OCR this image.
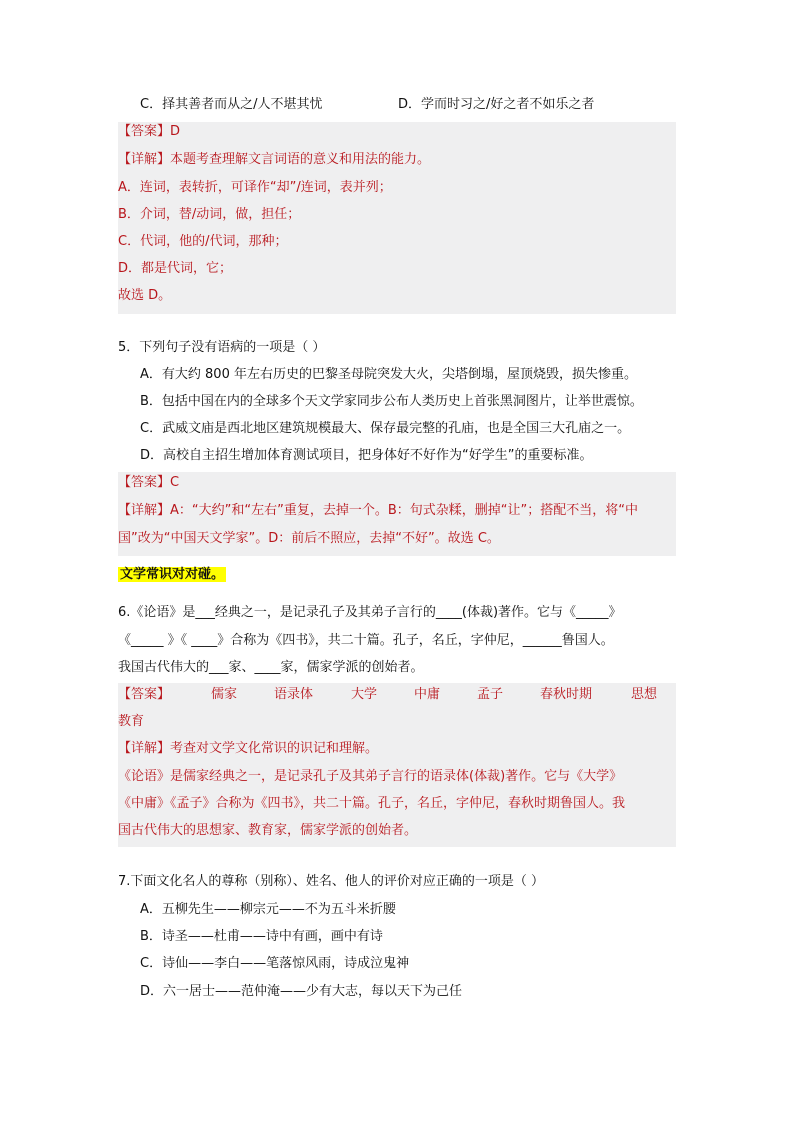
C．择其善者而从之/人不堪其忧	D．学而时习之/好之者不如乐之者
【答案】D
【详解】本题考查理解文言词语的意义和用法的能力。
A．连词，表转折，可译作“却”/连词，表并列；
B．介词，替/动词，做，担任；
C．代词，他的/代词，那种；
D．都是代词，它；
故选 D。
5．下列句子没有语病的一项是（ ）
A．有大约 800 年左右历史的巴黎圣母院突发大火，尖塔倒塌，屋顶烧毁，损失惨重。
B．包括中国在内的全球多个天文学家同步公布人类历史上首张黑洞图片，让举世震惊。
C．武威文庙是西北地区建筑规模最大、保存最完整的孔庙，也是全国三大孔庙之一。
D．高校自主招生增加体育测试项目，把身体好不好作为“好学生”的重要标准。
【答案】C
【详解】A：“大约”和“左右”重复，去掉一个。B：句式杂糅，删掉“让”；搭配不当，将“中
国”改为“中国天文学家”。D：前后不照应，去掉“不好”。故选 C。
文学常识对对碰。
6.《论语》是___经典之一，是记录孔子及其弟子言行的____(体裁)著作。它与《_____》
《_____ 》《 ____》合称为《四书》，共二十篇。孔子，名丘，字仲尼，______鲁国人。
我国古代伟大的___家、____家，儒家学派的创始者。
【答案】	儒家	语录体	大学	中庸	孟子	春秋时期	思想
教育
【详解】考查对文学文化常识的识记和理解。
《论语》是儒家经典之一，是记录孔子及其弟子言行的语录体(体裁)著作。它与《大学》
《中庸》《孟子》合称为《四书》，共二十篇。孔子，名丘，字仲尼，春秋时期鲁国人。我
国古代伟大的思想家、教育家，儒家学派的创始者。
7.下面文化名人的尊称（别称）、姓名、他人的评价对应正确的一项是（ ）
A．五柳先生——柳宗元——不为五斗米折腰
B．诗圣——杜甫——诗中有画，画中有诗
C．诗仙——李白——笔落惊风雨，诗成泣鬼神
D．六一居士——范仲淹——少有大志，每以天下为己任
